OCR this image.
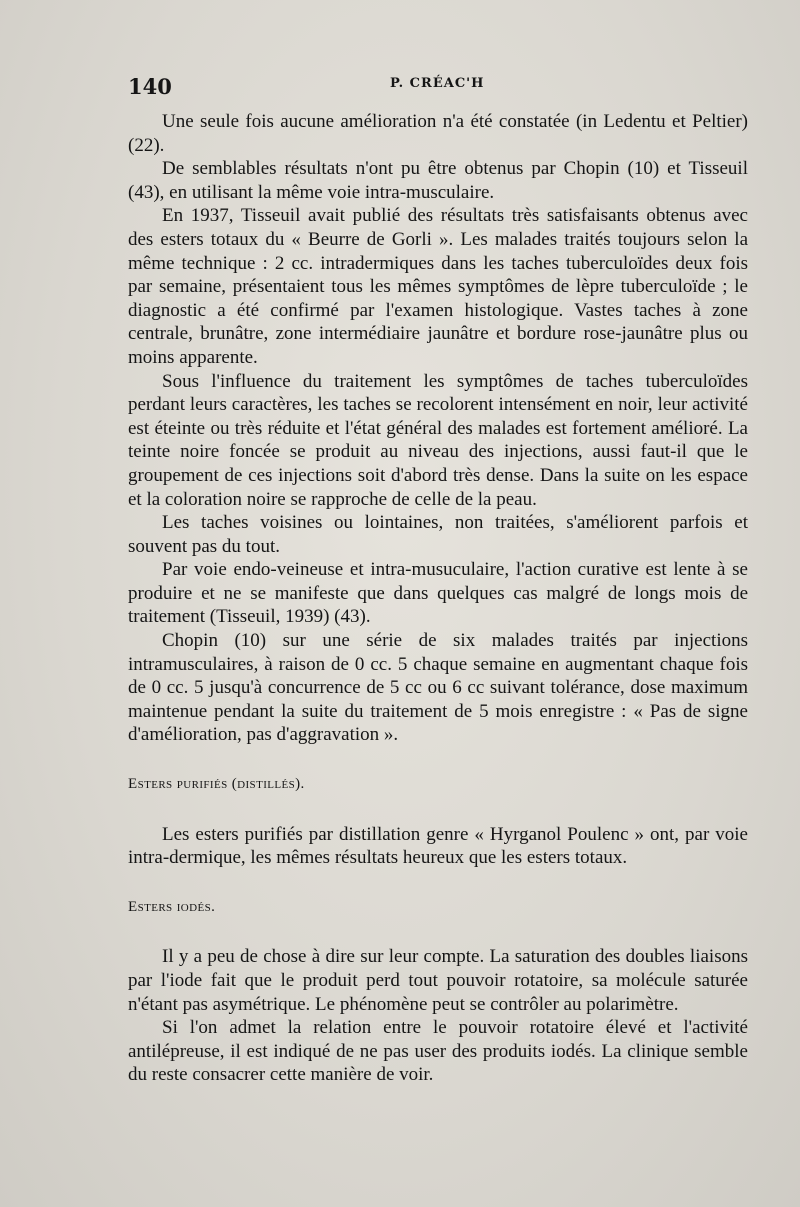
140	P. CRÉAC'H

Une seule fois aucune amélioration n'a été constatée (in Ledentu et Peltier) (22).

De semblables résultats n'ont pu être obtenus par Chopin (10) et Tisseuil (43), en utilisant la même voie intra-musculaire.

En 1937, Tisseuil avait publié des résultats très satisfaisants obtenus avec des esters totaux du « Beurre de Gorli ». Les malades traités toujours selon la même technique : 2 cc. intradermiques dans les taches tuberculoïdes deux fois par semaine, présentaient tous les mêmes symptômes de lèpre tuberculoïde ; le diagnostic a été confirmé par l'examen histologique. Vastes taches à zone centrale, brunâtre, zone intermédiaire jaunâtre et bordure rose-jaunâtre plus ou moins apparente.

Sous l'influence du traitement les symptômes de taches tuberculoïdes perdant leurs caractères, les taches se recolorent intensément en noir, leur activité est éteinte ou très réduite et l'état général des malades est fortement amélioré. La teinte noire foncée se produit au niveau des injections, aussi faut-il que le groupement de ces injections soit d'abord très dense. Dans la suite on les espace et la coloration noire se rapproche de celle de la peau.

Les taches voisines ou lointaines, non traitées, s'améliorent parfois et souvent pas du tout.

Par voie endo-veineuse et intra-musuculaire, l'action curative est lente à se produire et ne se manifeste que dans quelques cas malgré de longs mois de traitement (Tisseuil, 1939) (43).

Chopin (10) sur une série de six malades traités par injections intramusculaires, à raison de 0 cc. 5 chaque semaine en augmentant chaque fois de 0 cc. 5 jusqu'à concurrence de 5 cc ou 6 cc suivant tolérance, dose maximum maintenue pendant la suite du traitement de 5 mois enregistre : « Pas de signe d'amélioration, pas d'aggravation ».

Esters purifiés (distillés).

Les esters purifiés par distillation genre « Hyrganol Poulenc » ont, par voie intra-dermique, les mêmes résultats heureux que les esters totaux.

Esters iodés.

Il y a peu de chose à dire sur leur compte. La saturation des doubles liaisons par l'iode fait que le produit perd tout pouvoir rotatoire, sa molécule saturée n'étant pas asymétrique. Le phénomène peut se contrôler au polarimètre.

Si l'on admet la relation entre le pouvoir rotatoire élevé et l'activité antilépreuse, il est indiqué de ne pas user des produits iodés. La clinique semble du reste consacrer cette manière de voir.
